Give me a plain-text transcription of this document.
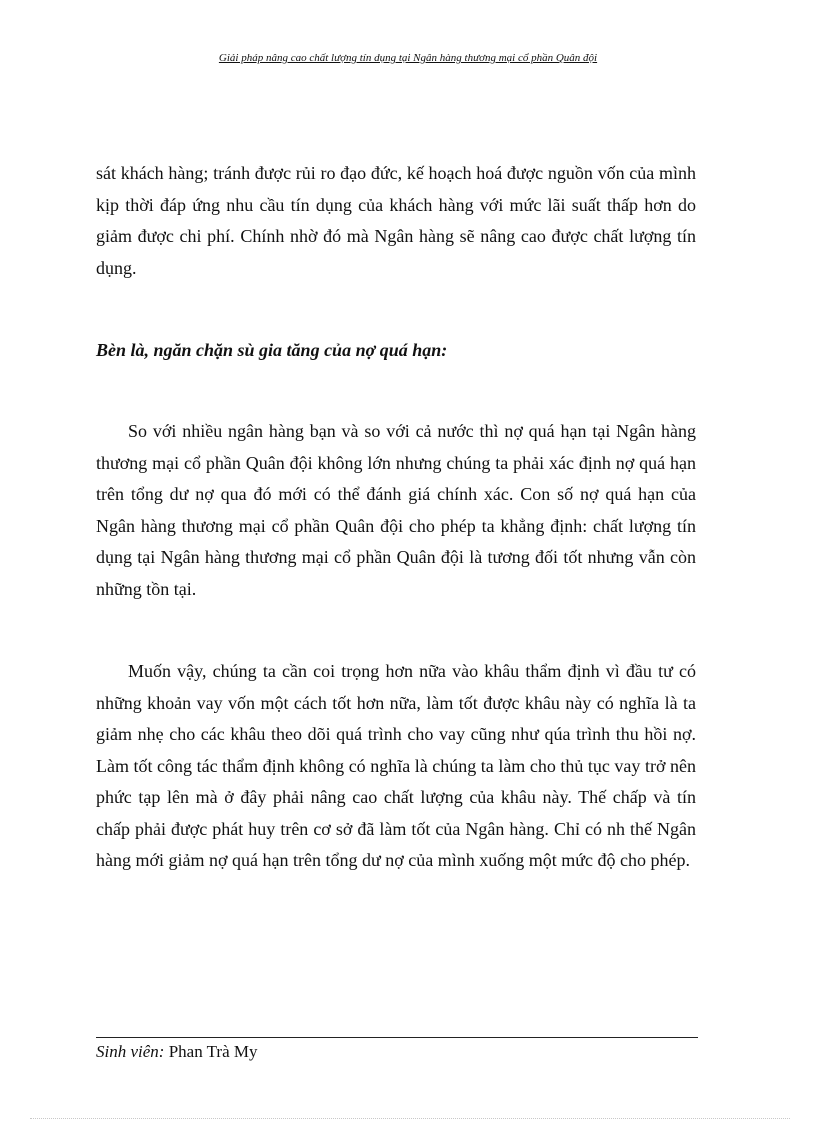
Giải pháp nâng cao chất lượng tín dụng tại Ngân hàng thương mại cổ phần Quân đội

sát khách hàng; tránh được rủi ro đạo đức, kế hoạch hoá được nguồn vốn của mình kịp thời đáp ứng nhu cầu tín dụng của khách hàng với mức lãi suất thấp hơn do giảm được chi phí. Chính nhờ đó mà Ngân hàng sẽ nâng cao được chất lượng tín dụng.

Bèn là, ngăn chặn sù gia tăng của nợ quá hạn:

So với nhiều ngân hàng bạn và so với cả nước thì nợ quá hạn tại Ngân hàng thương mại cổ phần Quân đội không lớn nhưng chúng ta phải xác định nợ quá hạn trên tổng dư nợ qua đó mới có thể đánh giá chính xác. Con số nợ quá hạn của Ngân hàng thương mại cổ phần Quân đội cho phép ta khẳng định: chất lượng tín dụng tại Ngân hàng thương mại cổ phần Quân đội là tương đối tốt nhưng vẫn còn những tồn tại.

Muốn vậy, chúng ta cần coi trọng hơn nữa vào khâu thẩm định vì đầu tư có những khoản vay vốn một cách tốt hơn nữa, làm tốt được khâu này có nghĩa là ta giảm nhẹ cho các khâu theo dõi quá trình cho vay cũng như qúa trình thu hồi nợ. Làm tốt công tác thẩm định không có nghĩa là chúng ta làm cho thủ tục vay trở nên phức tạp lên mà ở đây phải nâng cao chất lượng của khâu này. Thế chấp và tín chấp phải được phát huy trên cơ sở đã làm tốt của Ngân hàng. Chỉ có nh thế Ngân hàng mới giảm nợ quá hạn trên tổng dư nợ của mình xuống một mức độ cho phép.

Sinh viên: Phan Trà My
